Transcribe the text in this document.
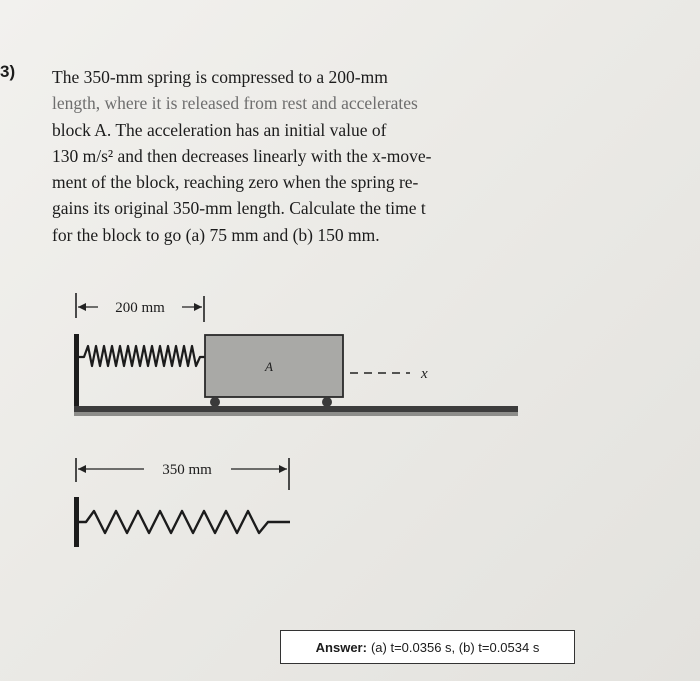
3) The 350-mm spring is compressed to a 200-mm
length, where it is released from rest and accelerates
block A. The acceleration has an initial value of
130 m/s² and then decreases linearly with the x-move-
ment of the block, reaching zero when the spring re-
gains its original 350-mm length. Calculate the time t
for the block to go (a) 75 mm and (b) 150 mm.
200 mm
A	x
350 mm
Answer: (a) t=0.0356 s, (b) t=0.0534 s
